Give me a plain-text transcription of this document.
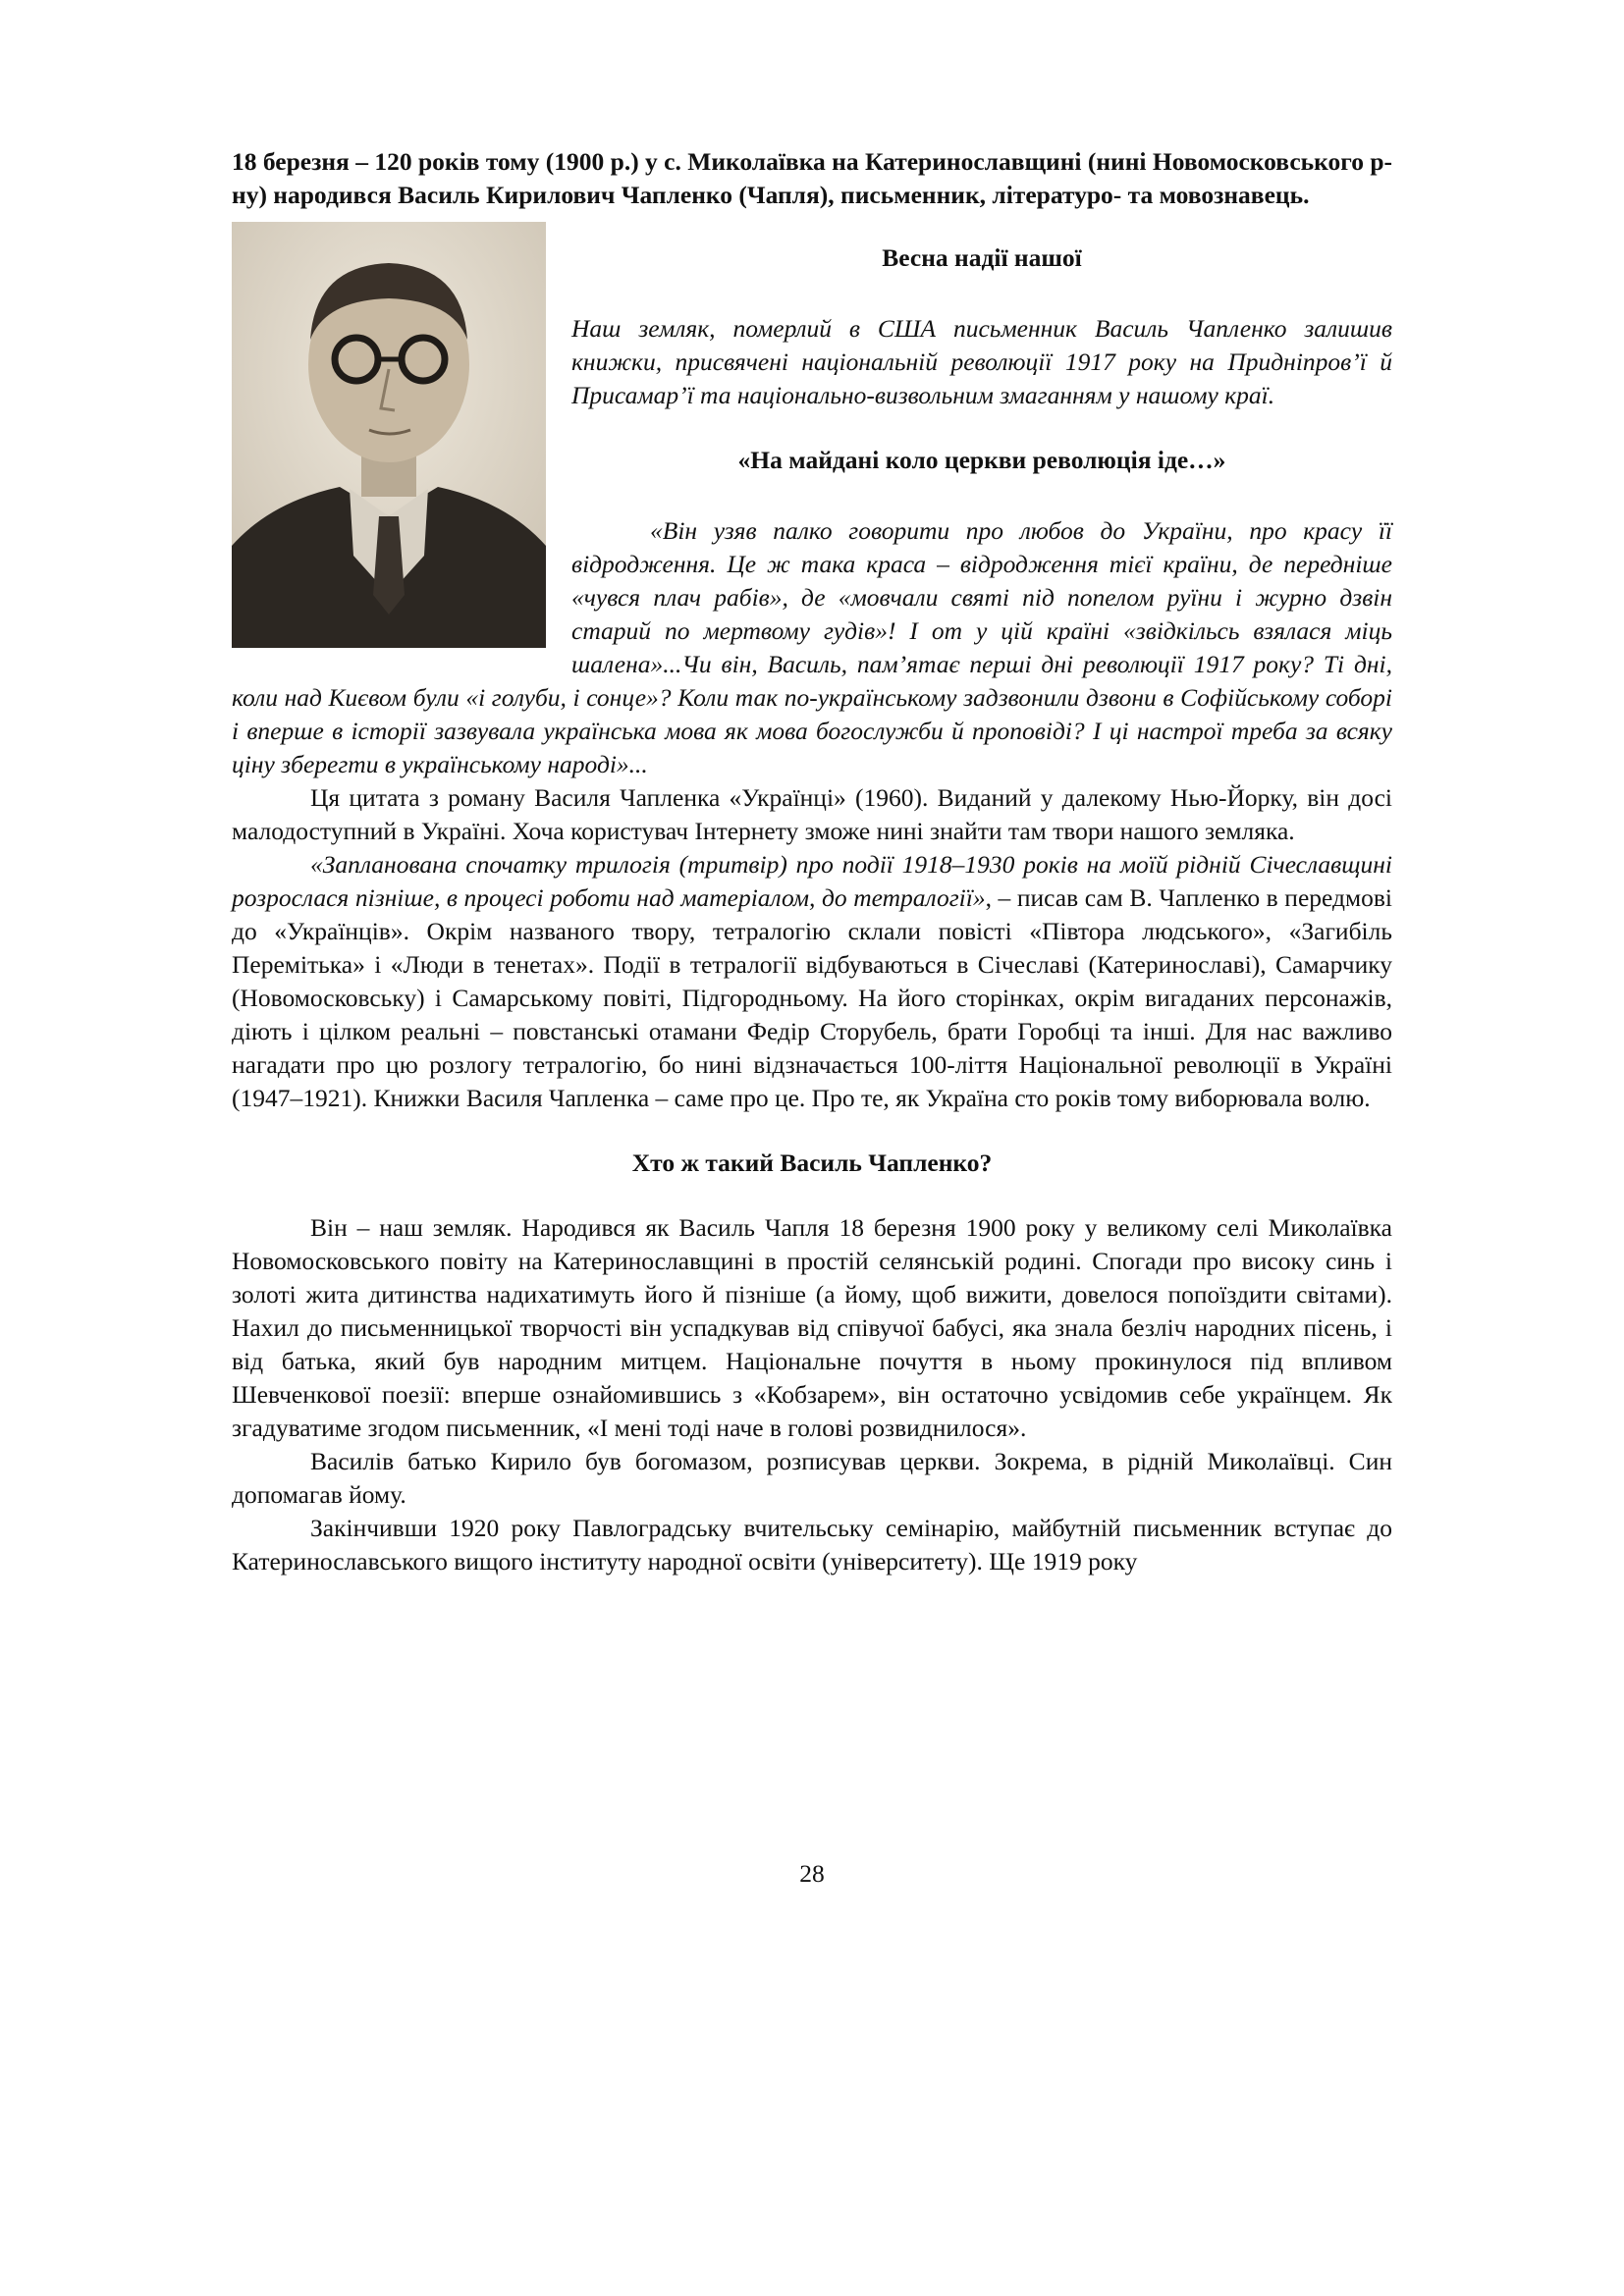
18 березня – 120 років тому (1900 р.) у с. Миколаївка на Катеринославщині (нині Новомосковського р-ну) народився Василь Кирилович Чапленко (Чапля), письменник, літературо- та мовознавець.

Весна надії нашої

Наш земляк, померлий в США письменник Василь Чапленко залишив книжки, присвячені національній революції 1917 року на Придніпров’ї й Присамар’ї та національно-визвольним змаганням у нашому краї.

«На майдані коло церкви революція іде…»

«Він узяв палко говорити про любов до України, про красу її відродження. Це ж така краса – відродження тієї країни, де передніше «чувся плач рабів», де «мовчали святі під попелом руїни і журно дзвін старий по мертвому гудів»! І от у цій країні «звідкільсь взялася міць шалена»...Чи він, Василь, пам’ятає перші дні революції 1917 року? Ті дні, коли над Києвом були «і голуби, і сонце»? Коли так по-українському задзвонили дзвони в Софійському соборі і вперше в історії зазвувала українська мова як мова богослужби й проповіді? І ці настрої треба за всяку ціну зберегти в українському народі»...

Ця цитата з роману Василя Чапленка «Українці» (1960). Виданий у далекому Нью-Йорку, він досі малодоступний в Україні. Хоча користувач Інтернету зможе нині знайти там твори нашого земляка.

«Запланована спочатку трилогія (тритвір) про події 1918–1930 років на моїй рідній Січеславщині розрослася пізніше, в процесі роботи над матеріалом, до тетралогії», – писав сам В. Чапленко в передмові до «Українців». Окрім названого твору, тетралогію склали повісті «Півтора людського», «Загибіль Перемітька» і «Люди в тенетах». Події в тетралогії відбуваються в Січеславі (Катеринославі), Самарчику (Новомосковську) і Самарському повіті, Підгородньому. На його сторінках, окрім вигаданих персонажів, діють і цілком реальні – повстанські отамани Федір Сторубель, брати Горобці та інші. Для нас важливо нагадати про цю розлогу тетралогію, бо нині відзначається 100-ліття Національної революції в Україні (1947–1921). Книжки Василя Чапленка – саме про це. Про те, як Україна сто років тому виборювала волю.

Хто ж такий Василь Чапленко?

Він – наш земляк. Народився як Василь Чапля 18 березня 1900 року у великому селі Миколаївка Новомосковського повіту на Катеринославщині в простій селянській родині. Спогади про високу синь і золоті жита дитинства надихатимуть його й пізніше (а йому, щоб вижити, довелося попоїздити світами). Нахил до письменницької творчості він успадкував від співучої бабусі, яка знала безліч народних пісень, і від батька, який був народним митцем. Національне почуття в ньому прокинулося під впливом Шевченкової поезії: вперше ознайомившись з «Кобзарем», він остаточно усвідомив себе українцем. Як згадуватиме згодом письменник, «І мені тоді наче в голові розвиднилося».

Василів батько Кирило був богомазом, розписував церкви. Зокрема, в рідній Миколаївці. Син допомагав йому.

Закінчивши 1920 року Павлоградську вчительську семінарію, майбутній письменник вступає до Катеринославського вищого інституту народної освіти (університету). Ще 1919 року

28
